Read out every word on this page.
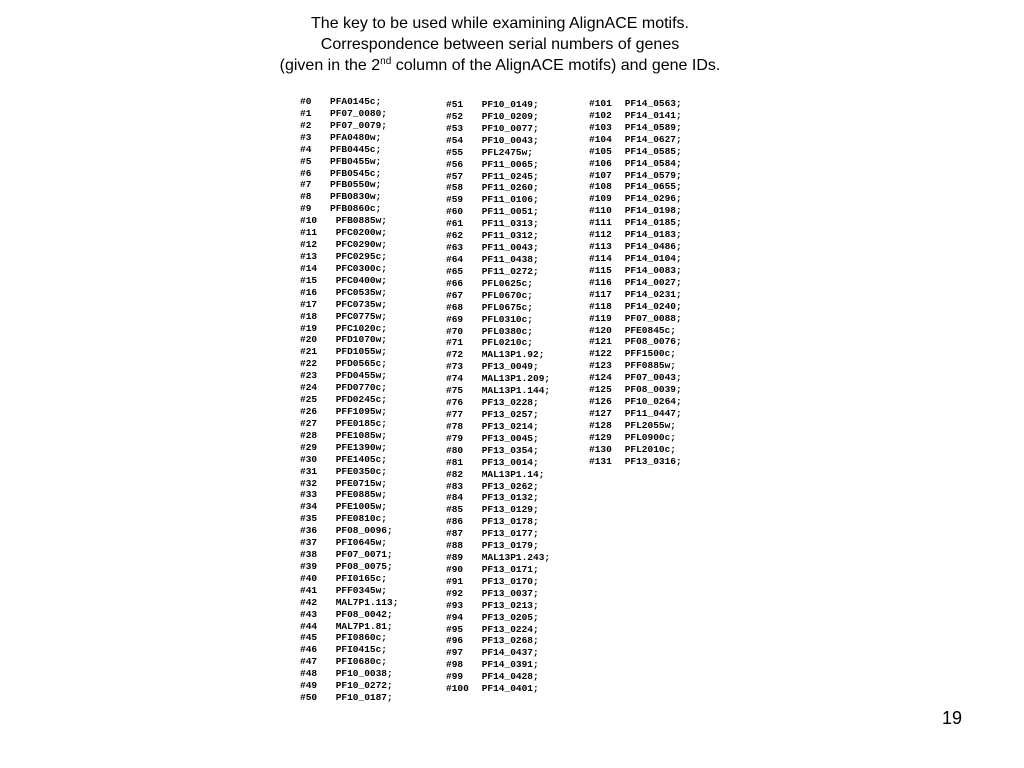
The key to be used while examining AlignACE motifs.
Correspondence between serial numbers of genes
(given in the 2nd column of the AlignACE motifs) and gene IDs.
#0 PFA0145c;
#1 PF07_0080;
#2 PF07_0079;
#3 PFA0480w;
#4 PFB0445c;
#5 PFB0455w;
#6 PFB0545c;
#7 PFB0550w;
#8 PFB0830w;
#9 PFB0860c;
#10 PFB0885w;
#11 PFC0200w;
#12 PFC0290w;
#13 PFC0295c;
#14 PFC0300c;
#15 PFC0400w;
#16 PFC0535w;
#17 PFC0735w;
#18 PFC0775w;
#19 PFC1020c;
#20 PFD1070w;
#21 PFD1055w;
#22 PFD0565c;
#23 PFD0455w;
#24 PFD0770c;
#25 PFD0245c;
#26 PFF1095w;
#27 PFE0185c;
#28 PFE1085w;
#29 PFE1390w;
#30 PFE1405c;
#31 PFE0350c;
#32 PFE0715w;
#33 PFE0885w;
#34 PFE1005w;
#35 PFE0810c;
#36 PF08_0096;
#37 PFI0645w;
#38 PF07_0071;
#39 PF08_0075;
#40 PFI0165c;
#41 PFF0345w;
#42 MAL7P1.113;
#43 PF08_0042;
#44 MAL7P1.81;
#45 PFI0860c;
#46 PFI0415c;
#47 PFI0680c;
#48 PF10_0038;
#49 PF10_0272;
#50 PF10_0187;
#51 PF10_0149;
#52 PF10_0209;
#53 PF10_0077;
#54 PF10_0043;
#55 PFL2475w;
#56 PF11_0065;
#57 PF11_0245;
#58 PF11_0260;
#59 PF11_0106;
#60 PF11_0051;
#61 PF11_0313;
#62 PF11_0312;
#63 PF11_0043;
#64 PF11_0438;
#65 PF11_0272;
#66 PFL0625c;
#67 PFL0670c;
#68 PFL0675c;
#69 PFL0310c;
#70 PFL0380c;
#71 PFL0210c;
#72 MAL13P1.92;
#73 PF13_0049;
#74 MAL13P1.209;
#75 MAL13P1.144;
#76 PF13_0228;
#77 PF13_0257;
#78 PF13_0214;
#79 PF13_0045;
#80 PF13_0354;
#81 PF13_0014;
#82 MAL13P1.14;
#83 PF13_0262;
#84 PF13_0132;
#85 PF13_0129;
#86 PF13_0178;
#87 PF13_0177;
#88 PF13_0179;
#89 MAL13P1.243;
#90 PF13_0171;
#91 PF13_0170;
#92 PF13_0037;
#93 PF13_0213;
#94 PF13_0205;
#95 PF13_0224;
#96 PF13_0268;
#97 PF14_0437;
#98 PF14_0391;
#99 PF14_0428;
#100 PF14_0401;
#101 PF14_0563;
#102 PF14_0141;
#103 PF14_0589;
#104 PF14_0627;
#105 PF14_0585;
#106 PF14_0584;
#107 PF14_0579;
#108 PF14_0655;
#109 PF14_0296;
#110 PF14_0198;
#111 PF14_0185;
#112 PF14_0183;
#113 PF14_0486;
#114 PF14_0104;
#115 PF14_0083;
#116 PF14_0027;
#117 PF14_0231;
#118 PF14_0240;
#119 PF07_0088;
#120 PFE0845c;
#121 PF08_0076;
#122 PFF1500c;
#123 PFF0885w;
#124 PF07_0043;
#125 PF08_0039;
#126 PF10_0264;
#127 PF11_0447;
#128 PFL2055w;
#129 PFL0900c;
#130 PFL2010c;
#131 PF13_0316;
19
